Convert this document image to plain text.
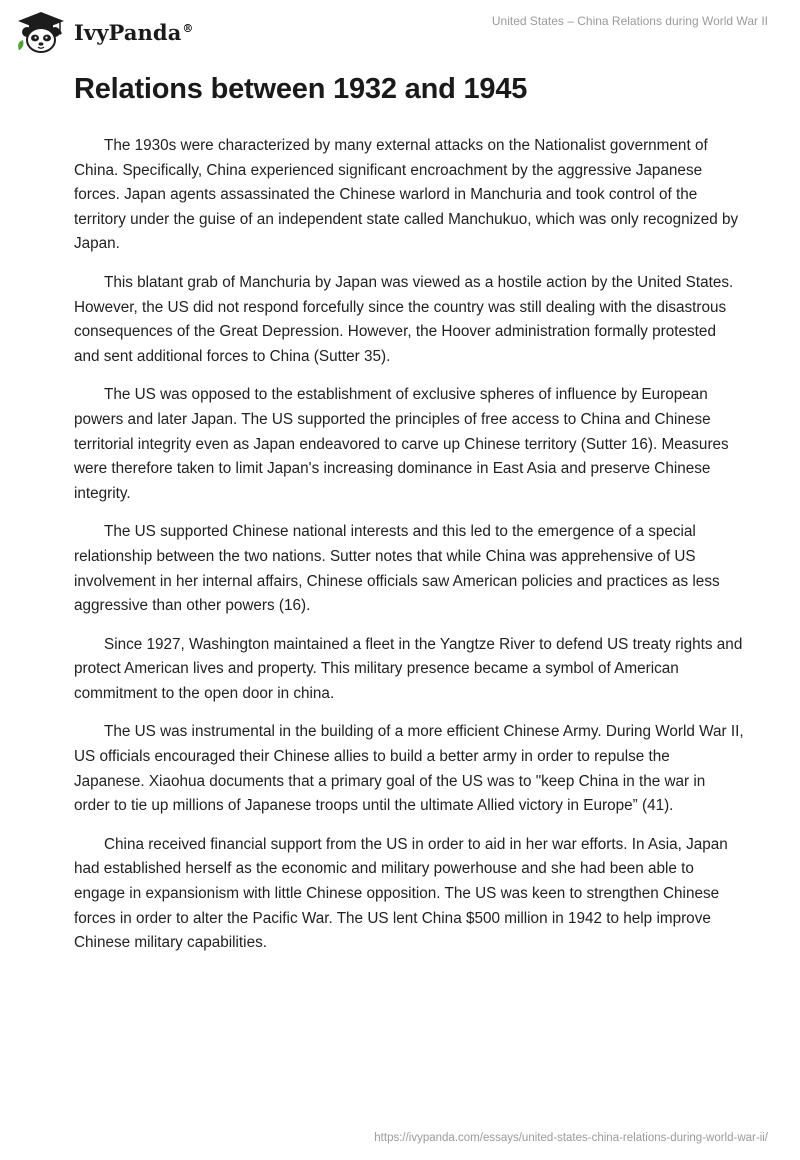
IvyPanda®	United States – China Relations during World War II
Relations between 1932 and 1945

The 1930s were characterized by many external attacks on the Nationalist government of China. Specifically, China experienced significant encroachment by the aggressive Japanese forces. Japan agents assassinated the Chinese warlord in Manchuria and took control of the territory under the guise of an independent state called Manchukuo, which was only recognized by Japan.

This blatant grab of Manchuria by Japan was viewed as a hostile action by the United States. However, the US did not respond forcefully since the country was still dealing with the disastrous consequences of the Great Depression. However, the Hoover administration formally protested and sent additional forces to China (Sutter 35).

The US was opposed to the establishment of exclusive spheres of influence by European powers and later Japan. The US supported the principles of free access to China and Chinese territorial integrity even as Japan endeavored to carve up Chinese territory (Sutter 16). Measures were therefore taken to limit Japan's increasing dominance in East Asia and preserve Chinese integrity.

The US supported Chinese national interests and this led to the emergence of a special relationship between the two nations. Sutter notes that while China was apprehensive of US involvement in her internal affairs, Chinese officials saw American policies and practices as less aggressive than other powers (16).

Since 1927, Washington maintained a fleet in the Yangtze River to defend US treaty rights and protect American lives and property. This military presence became a symbol of American commitment to the open door in china.

The US was instrumental in the building of a more efficient Chinese Army. During World War II, US officials encouraged their Chinese allies to build a better army in order to repulse the Japanese. Xiaohua documents that a primary goal of the US was to "keep China in the war in order to tie up millions of Japanese troops until the ultimate Allied victory in Europe” (41).

China received financial support from the US in order to aid in her war efforts. In Asia, Japan had established herself as the economic and military powerhouse and she had been able to engage in expansionism with little Chinese opposition. The US was keen to strengthen Chinese forces in order to alter the Pacific War. The US lent China $500 million in 1942 to help improve Chinese military capabilities.

https://ivypanda.com/essays/united-states-china-relations-during-world-war-ii/
